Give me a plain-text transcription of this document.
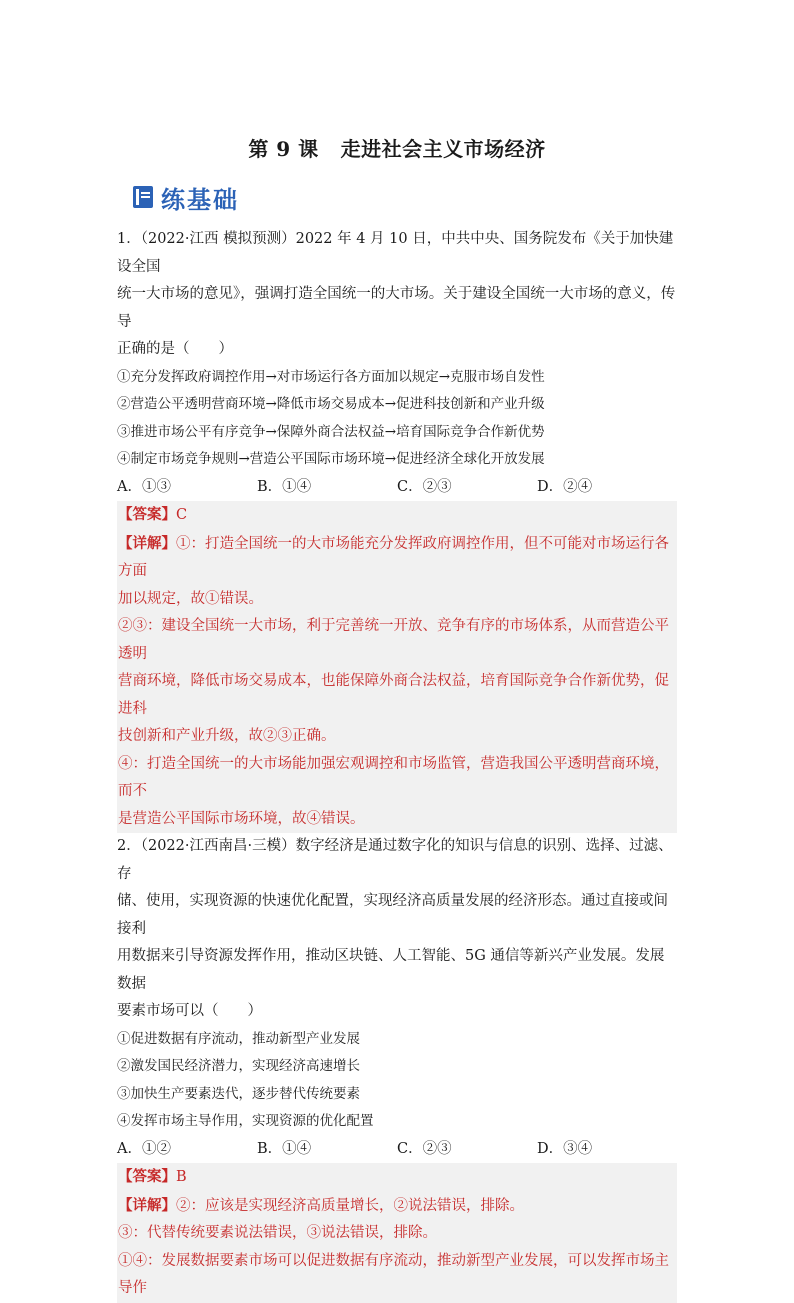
第 9 课 走进社会主义市场经济
练基础

1．（2022·江西 模拟预测）2022 年 4 月 10 日，中共中央、国务院发布《关于加快建设全国

统一大市场的意见》，强调打造全国统一的大市场。关于建设全国统一大市场的意义，传导

正确的是（　　）

①充分发挥政府调控作用→对市场运行各方面加以规定→克服市场自发性

②营造公平透明营商环境→降低市场交易成本→促进科技创新和产业升级

③推进市场公平有序竞争→保障外商合法权益→培育国际竞争合作新优势

④制定市场竞争规则→营造公平国际市场环境→促进经济全球化开放发展

A．①③	B．①④	C．②③	D．②④

【答案】C

【详解】①：打造全国统一的大市场能充分发挥政府调控作用，但不可能对市场运行各方面

加以规定，故①错误。

②③：建设全国统一大市场，利于完善统一开放、竞争有序的市场体系，从而营造公平透明

营商环境，降低市场交易成本，也能保障外商合法权益，培育国际竞争合作新优势，促进科

技创新和产业升级，故②③正确。

④：打造全国统一的大市场能加强宏观调控和市场监管，营造我国公平透明营商环境，而不

是营造公平国际市场环境，故④错误。

2．（2022·江西南昌·三模）数字经济是通过数字化的知识与信息的识别、选择、过滤、存

储、使用，实现资源的快速优化配置，实现经济高质量发展的经济形态。通过直接或间接利

用数据来引导资源发挥作用，推动区块链、人工智能、5G 通信等新兴产业发展。发展数据

要素市场可以（　　）

①促进数据有序流动，推动新型产业发展

②激发国民经济潜力，实现经济高速增长

③加快生产要素迭代，逐步替代传统要素

④发挥市场主导作用，实现资源的优化配置

A．①②	B．①④	C．②③	D．③④

【答案】B

【详解】②：应该是实现经济高质量增长，②说法错误，排除。

③：代替传统要素说法错误，③说法错误，排除。

①④：发展数据要素市场可以促进数据有序流动，推动新型产业发展，可以发挥市场主导作
